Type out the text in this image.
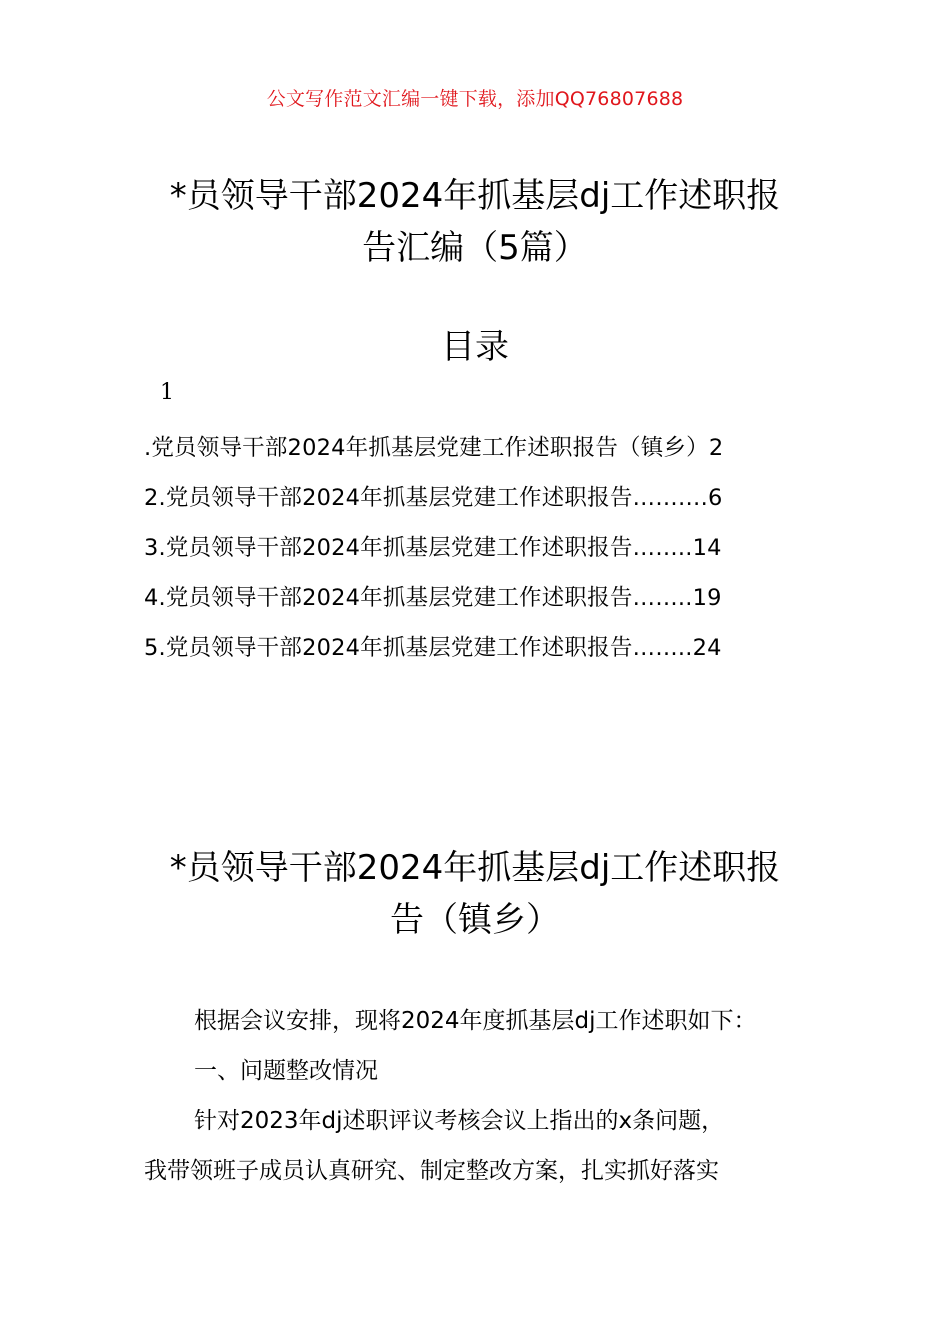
公文写作范文汇编一键下载，添加QQ76807688
*员领导干部2024年抓基层dj工作述职报
告汇编（5篇）
目录
1
.党员领导干部2024年抓基层党建工作述职报告（镇乡）2
2.党员领导干部2024年抓基层党建工作述职报告……….6
3.党员领导干部2024年抓基层党建工作述职报告……..14
4.党员领导干部2024年抓基层党建工作述职报告……..19
5.党员领导干部2024年抓基层党建工作述职报告……..24
*员领导干部2024年抓基层dj工作述职报
告（镇乡）

根据会议安排，现将2024年度抓基层dj工作述职如下：

一、问题整改情况

针对2023年dj述职评议考核会议上指出的x条问题，

我带领班子成员认真研究、制定整改方案，扎实抓好落实
